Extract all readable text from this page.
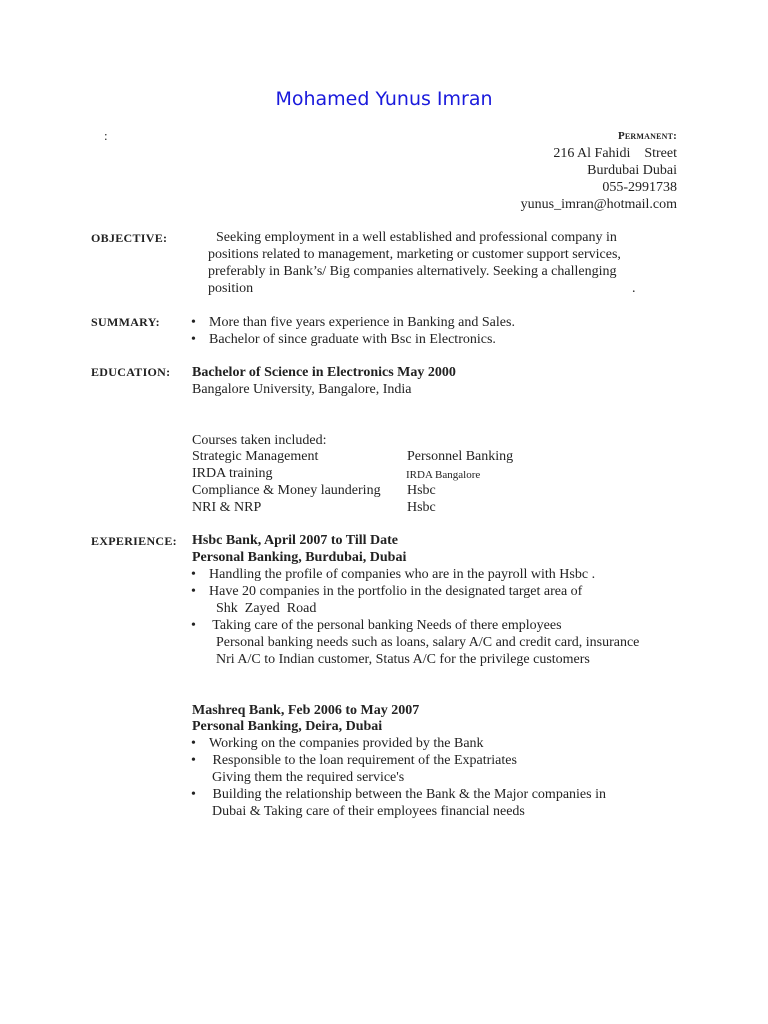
Mohamed Yunus Imran
:	Permanent:
216 Al Fahidi    Street
Burdubai Dubai
055-2991738
yunus_imran@hotmail.com
OBJECTIVE:	Seeking employment in a well established and professional company in
positions related to management, marketing or customer support services,
preferably in Bank’s/ Big companies alternatively. Seeking a challenging
position	.
SUMMARY: • More than five years experience in Banking and Sales.
• Bachelor of since graduate with Bsc in Electronics.
EDUCATION: Bachelor of Science in Electronics May 2000
Bangalore University, Bangalore, India
Courses taken included:
Strategic Management	Personnel Banking
IRDA training	IRDA Bangalore
Compliance & Money laundering Hsbc
NRI & NRP	Hsbc
EXPERIENCE: Hsbc Bank, April 2007 to Till Date
Personal Banking, Burdubai, Dubai
• Handling the profile of companies who are in the payroll with Hsbc .
• Have 20 companies in the portfolio in the designated target area of
Shk  Zayed  Road
• Taking care of the personal banking Needs of there employees
Personal banking needs such as loans, salary A/C and credit card, insurance
Nri A/C to Indian customer, Status A/C for the privilege customers
Mashreq Bank, Feb 2006 to May 2007
Personal Banking, Deira, Dubai
• Working on the companies provided by the Bank
• Responsible to the loan requirement of the Expatriates
Giving them the required service's
• Building the relationship between the Bank & the Major companies in
Dubai & Taking care of their employees financial needs
